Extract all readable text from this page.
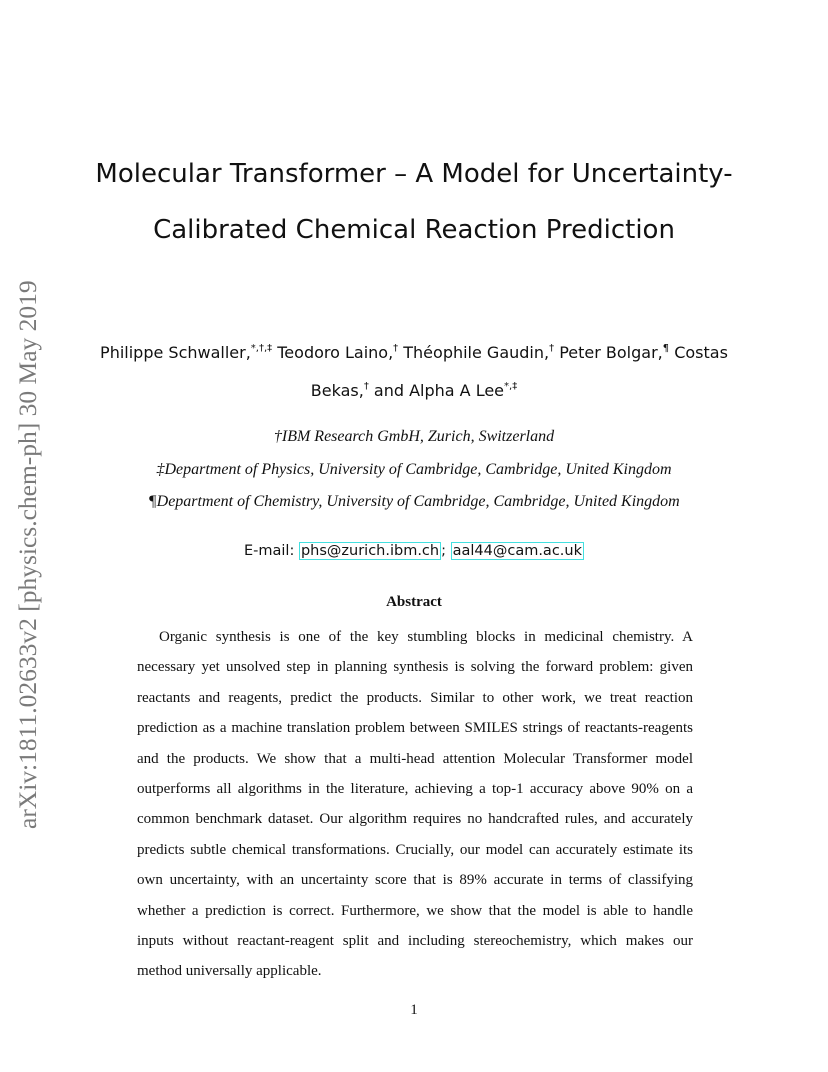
arXiv:1811.02633v2 [physics.chem-ph] 30 May 2019
Molecular Transformer – A Model for Uncertainty-Calibrated Chemical Reaction Prediction
Philippe Schwaller,*,†,‡ Teodoro Laino,† Théophile Gaudin,† Peter Bolgar,¶ Costas Bekas,† and Alpha A Lee*,‡
†IBM Research GmbH, Zurich, Switzerland
‡Department of Physics, University of Cambridge, Cambridge, United Kingdom
¶Department of Chemistry, University of Cambridge, Cambridge, United Kingdom
E-mail: phs@zurich.ibm.ch ; aal44@cam.ac.uk
Abstract

Organic synthesis is one of the key stumbling blocks in medicinal chemistry. A necessary yet unsolved step in planning synthesis is solving the forward problem: given reactants and reagents, predict the products. Similar to other work, we treat reaction prediction as a machine translation problem between SMILES strings of reactants-reagents and the products. We show that a multi-head attention Molecular Transformer model outperforms all algorithms in the literature, achieving a top-1 accuracy above 90% on a common benchmark dataset. Our algorithm requires no handcrafted rules, and accurately predicts subtle chemical transformations. Crucially, our model can accurately estimate its own uncertainty, with an uncertainty score that is 89% accurate in terms of classifying whether a prediction is correct. Furthermore, we show that the model is able to handle inputs without reactant-reagent split and including stereochemistry, which makes our method universally applicable.

1
